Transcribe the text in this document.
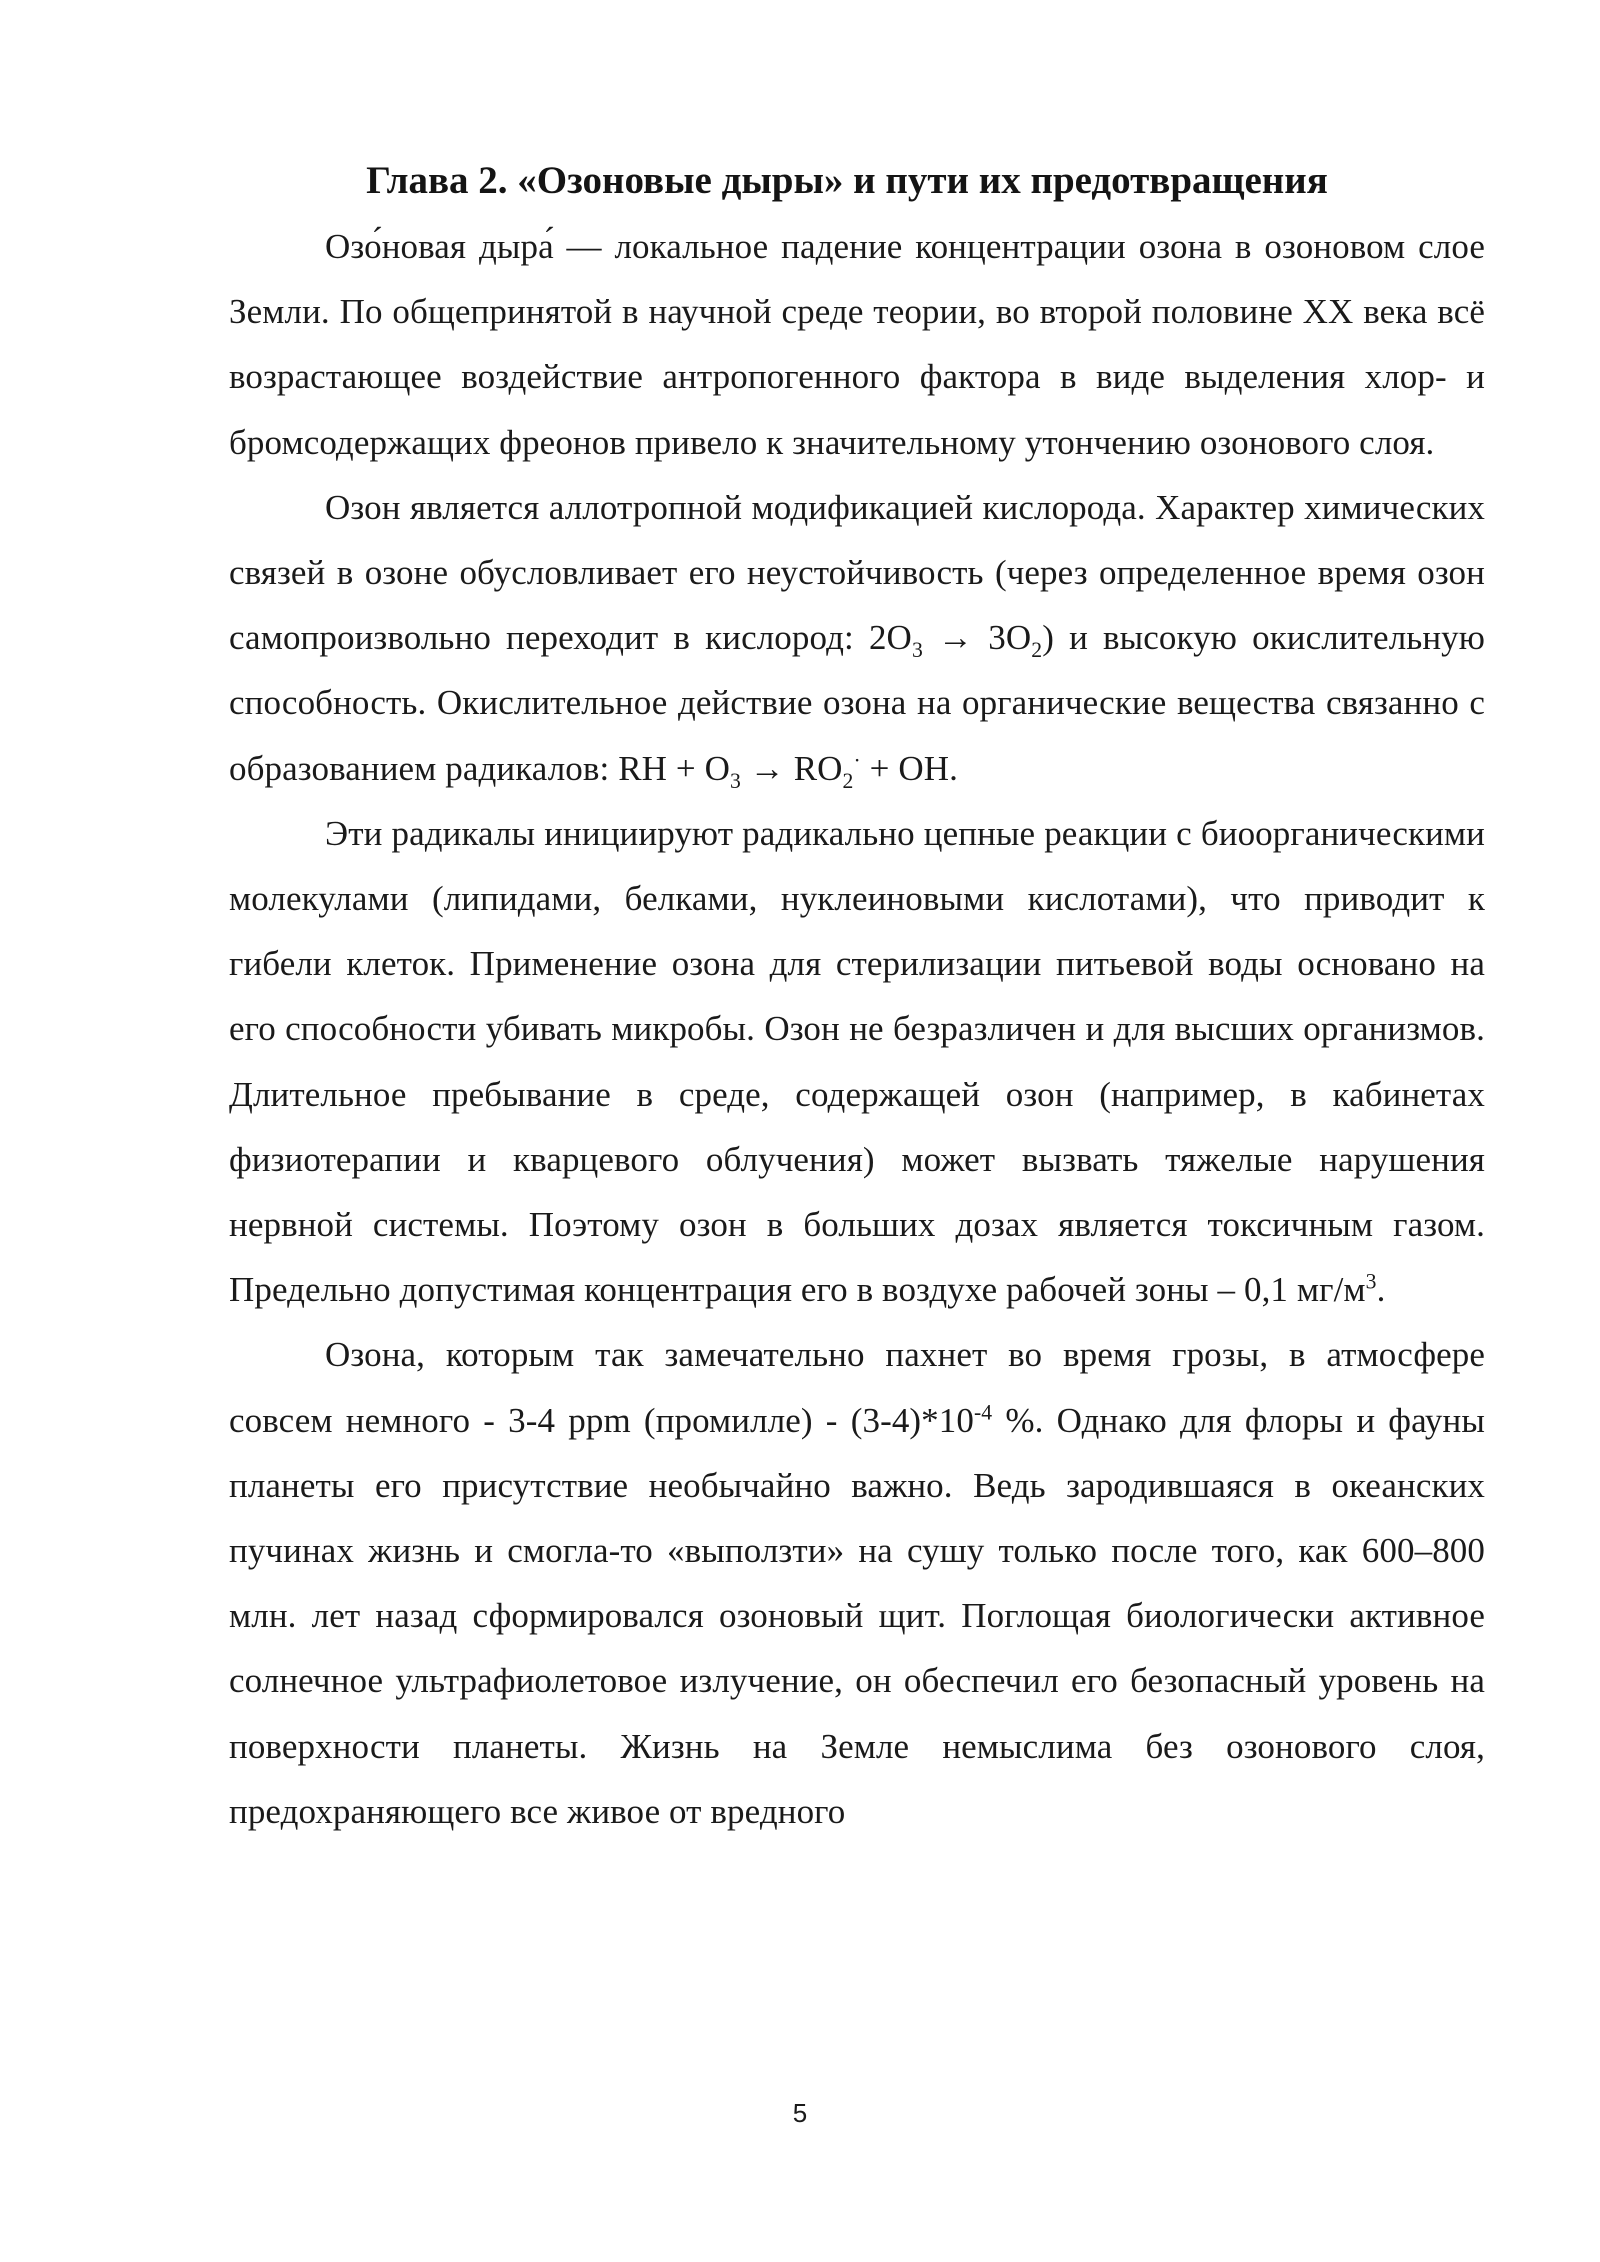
Глава 2. «Озоновые дыры» и пути их предотвращения

Озо́новая дыра́ — локальное падение концентрации озона в озоновом слое Земли. По общепринятой в научной среде теории, во второй половине XX века всё возрастающее воздействие антропогенного фактора в виде выделения хлор- и бромсодержащих фреонов привело к значительному утончению озонового слоя.

Озон является аллотропной модификацией кислорода. Характер химических связей в озоне обусловливает его неустойчивость (через определенное время озон самопроизвольно переходит в кислород: $2O_3 \to 3O_2$) и высокую окислительную способность. Окислительное действие озона на органические вещества связанно с образованием радикалов: RH + $O_3 \to RO_2^\cdot$ + OH.

Эти радикалы инициируют радикально цепные реакции с биоорганическими молекулами (липидами, белками, нуклеиновыми кислотами), что приводит к гибели клеток. Применение озона для стерилизации питьевой воды основано на его способности убивать микробы. Озон не безразличен и для высших организмов. Длительное пребывание в среде, содержащей озон (например, в кабинетах физиотерапии и кварцевого облучения) может вызвать тяжелые нарушения нервной системы. Поэтому озон в больших дозах является токсичным газом. Предельно допустимая концентрация его в воздухе рабочей зоны – 0,1 $мг/м^3$.

Озона, которым так замечательно пахнет во время грозы, в атмосфере совсем немного - 3-4 ppm (промилле) - $(3-4)*10^{-4}$ %. Однако для флоры и фауны планеты его присутствие необычайно важно. Ведь зародившаяся в океанских пучинах жизнь и смогла-то «выползти» на сушу только после того, как 600–800 млн. лет назад сформировался озоновый щит. Поглощая биологически активное солнечное ультрафиолетовое излучение, он обеспечил его безопасный уровень на поверхности планеты. Жизнь на Земле немыслима без озонового слоя, предохраняющего все живое от вредного

5
